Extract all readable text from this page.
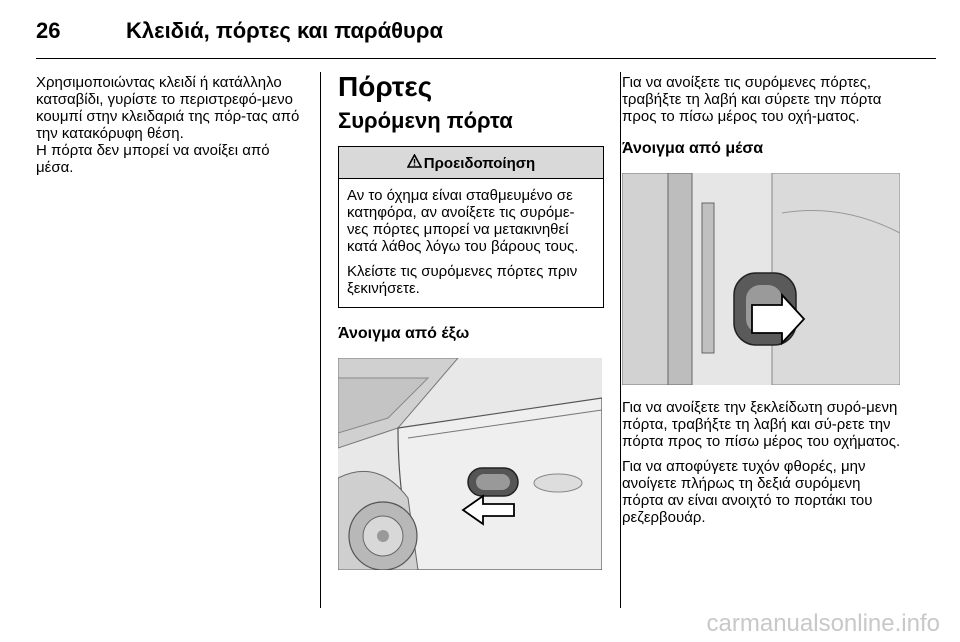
26	Κλειδιά, πόρτες και παράθυρα

Χρησιμοποιώντας κλειδί ή κατάλληλο κατσαβίδι, γυρίστε το περιστρεφό-μενο κουμπί στην κλειδαριά της πόρ-τας από την κατακόρυφη θέση.

Η πόρτα δεν μπορεί να ανοίξει από μέσα.

Πόρτες
Συρόμενη πόρτα
Προειδοποίηση

Αν το όχημα είναι σταθμευμένο σε κατηφόρα, αν ανοίξετε τις συρόμε-νες πόρτες μπορεί να μετακινηθεί κατά λάθος λόγω του βάρους τους.

Κλείστε τις συρόμενες πόρτες πριν ξεκινήσετε.

Άνοιγμα από έξω

Για να ανοίξετε τις συρόμενες πόρτες, τραβήξτε τη λαβή και σύρετε την πόρτα προς το πίσω μέρος του οχή-ματος.

Άνοιγμα από μέσα

Για να ανοίξετε την ξεκλείδωτη συρό-μενη πόρτα, τραβήξτε τη λαβή και σύ-ρετε την πόρτα προς το πίσω μέρος του οχήματος.

Για να αποφύγετε τυχόν φθορές, μην ανοίγετε πλήρως τη δεξιά συρόμενη πόρτα αν είναι ανοιχτό το πορτάκι του ρεζερβουάρ.

carmanualsonline.info
